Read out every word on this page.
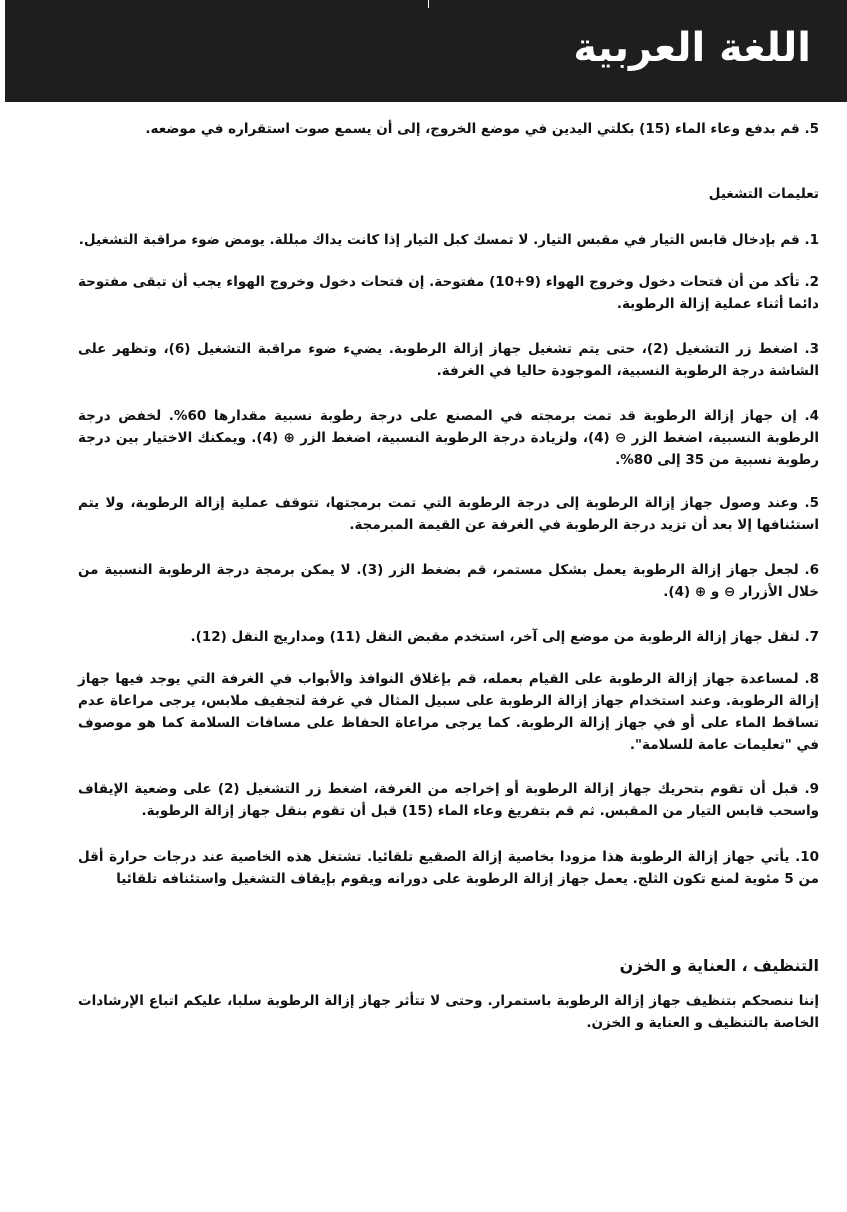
اللغة العربية

5. قم بدفع وعاء الماء (15) بكلتي اليدين في موضع الخروج، إلى أن يسمع صوت استقراره في موضعه.

تعليمات التشغيل

1. قم بإدخال قابس التيار في مقبس التيار. لا تمسك كبل التيار إذا كانت يداك مبللة. يومض ضوء مراقبة التشغيل.

2. تأكد من أن فتحات دخول وخروج الهواء (9+10) مفتوحة. إن فتحات دخول وخروج الهواء يجب أن تبقى مفتوحة دائما أثناء عملية إزالة الرطوبة.

3. اضغط زر التشغيل (2)، حتى يتم تشغيل جهاز إزالة الرطوبة. يضيء ضوء مراقبة التشغيل (6)، وتظهر على الشاشة درجة الرطوبة النسبية، الموجودة حاليا في الغرفة.

4. إن جهاز إزالة الرطوبة قد تمت برمجته في المصنع على درجة رطوبة نسبية مقدارها 60%. لخفض درجة الرطوبة النسبية، اضغط الزر ⊖ (4)، ولزيادة درجة الرطوبة النسبية، اضغط الزر ⊕ (4). ويمكنك الاختيار بين درجة رطوبة نسبية من 35 إلى 80%.

5. وعند وصول جهاز إزالة الرطوبة إلى درجة الرطوبة التي تمت برمجتها، تتوقف عملية إزالة الرطوبة، ولا يتم استئنافها إلا بعد أن تزيد درجة الرطوبة في الغرفة عن القيمة المبرمجة.

6. لجعل جهاز إزالة الرطوبة يعمل بشكل مستمر، قم بضغط الزر (3). لا يمكن برمجة درجة الرطوبة النسبية من خلال الأزرار ⊖ و ⊕ (4).

7. لنقل جهاز إزالة الرطوبة من موضع إلى آخر، استخدم مقبض النقل (11) ومداريج النقل (12).

8. لمساعدة جهاز إزالة الرطوبة على القيام بعمله، قم بإغلاق النوافذ والأبواب في الغرفة التي يوجد فيها جهاز إزالة الرطوبة. وعند استخدام جهاز إزالة الرطوبة على سبيل المثال في غرفة لتجفيف ملابس، يرجى مراعاة عدم تساقط الماء على أو في جهاز إزالة الرطوبة. كما يرجى مراعاة الحفاظ على مسافات السلامة كما هو موصوف في "تعليمات عامة للسلامة".

9. قبل أن تقوم بتحريك جهاز إزالة الرطوبة أو إخراجه من الغرفة، اضغط زر التشغيل (2) على وضعية الإيقاف واسحب قابس التيار من المقبس. ثم قم بتفريغ وعاء الماء (15) قبل أن تقوم بنقل جهاز إزالة الرطوبة.

10. يأتي جهاز إزالة الرطوبة هذا مزودا بخاصية إزالة الصقيع تلقائيا. تشتغل هذه الخاصية عند درجات حرارة أقل من 5 مئوية لمنع تكون الثلج. يعمل جهاز إزالة الرطوبة على دورانه ويقوم بإيقاف التشغيل واستئنافه تلقائيا

التنظيف ، العناية و الخزن

إننا ننصحكم بتنظيف جهاز إزالة الرطوبة باستمرار. وحتى لا تتأثر جهاز إزالة الرطوبة سلبا، عليكم اتباع الإرشادات الخاصة بالتنظيف و العناية و الخزن.
